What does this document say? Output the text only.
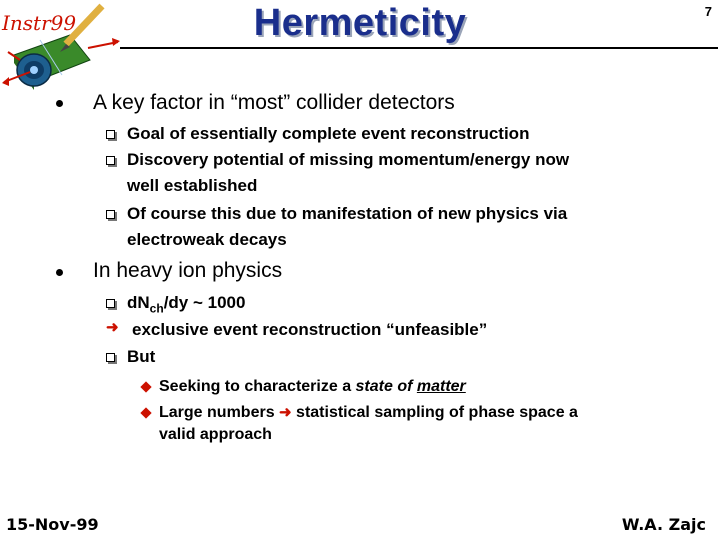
Instr99	Hermeticity	7
A key factor in “most” collider detectors
Goal of essentially complete event reconstruction
Discovery potential of missing momentum/energy now
well established
Of course this due to manifestation of new physics via
electroweak decays
In heavy ion physics
$dN_{ch}/dy$ ~ 1000
➜ exclusive event reconstruction “unfeasible”
But
Seeking to characterize a state of matter
Large numbers ➜ statistical sampling of phase space a
valid approach
15-Nov-99	W.A. Zajc
